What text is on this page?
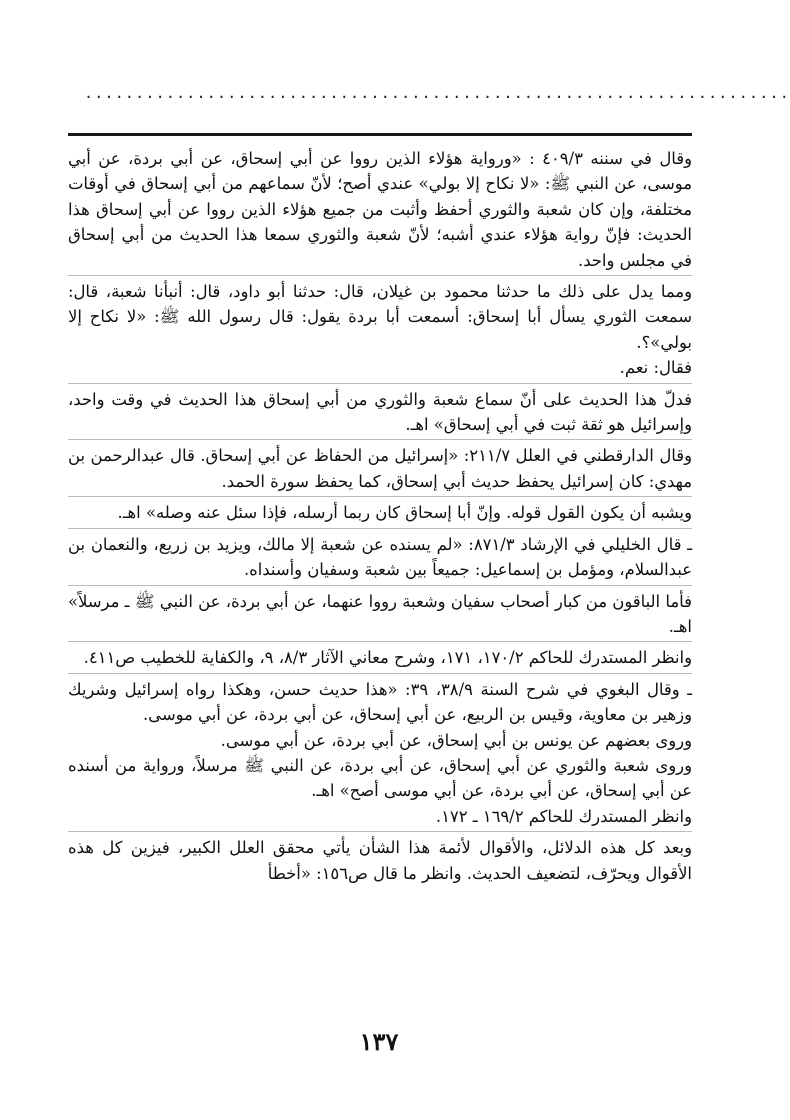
.....................................................................

وقال في سننه ٤٠٩/٣ : «ورواية هؤلاء الذين رووا عن أبي إسحاق، عن أبي بردة، عن أبي موسى، عن النبي ﷺ: «لا نكاح إلا بولي» عندي أصح؛ لأنّ سماعهم من أبي إسحاق في أوقات مختلفة، وإن كان شعبة والثوري أحفظ وأثبت من جميع هؤلاء الذين رووا عن أبي إسحاق هذا الحديث: فإنّ رواية هؤلاء عندي أشبه؛ لأنّ شعبة والثوري سمعا هذا الحديث من أبي إسحاق في مجلس واحد.

ومما يدل على ذلك ما حدثنا محمود بن غيلان، قال: حدثنا أبو داود، قال: أنبأنا شعبة، قال: سمعت الثوري يسأل أبا إسحاق: أسمعت أبا بردة يقول: قال رسول الله ﷺ: «لا نكاح إلا بولي»؟.

فقال: نعم.

فدلّ هذا الحديث على أنّ سماع شعبة والثوري من أبي إسحاق هذا الحديث في وقت واحد، وإسرائيل هو ثقة ثبت في أبي إسحاق» اهـ.

وقال الدارقطني في العلل ٢١١/٧: «إسرائيل من الحفاظ عن أبي إسحاق. قال عبدالرحمن بن مهدي: كان إسرائيل يحفظ حديث أبي إسحاق، كما يحفظ سورة الحمد.

ويشبه أن يكون القول قوله. وإنّ أبا إسحاق كان ربما أرسله، فإذا سئل عنه وصله» اهـ.

ـ قال الخليلي في الإرشاد ٨٧١/٣: «لم يسنده عن شعبة إلا مالك، ويزيد بن زريع، والنعمان بن عبدالسلام، ومؤمل بن إسماعيل: جميعاً بين شعبة وسفيان وأسنداه.

فأما الباقون من كبار أصحاب سفيان وشعبة رووا عنهما، عن أبي بردة، عن النبي ﷺ ـ مرسلاً» اهـ.

وانظر المستدرك للحاكم ١٧٠/٢، ١٧١، وشرح معاني الآثار ٨/٣، ٩، والكفاية للخطيب ص٤١١.

ـ وقال البغوي في شرح السنة ٣٨/٩، ٣٩: «هذا حديث حسن، وهكذا رواه إسرائيل وشريك وزهير بن معاوية، وقيس بن الربيع، عن أبي إسحاق، عن أبي بردة، عن أبي موسى.

وروى بعضهم عن يونس بن أبي إسحاق، عن أبي بردة، عن أبي موسى.

وروى شعبة والثوري عن أبي إسحاق، عن أبي بردة، عن النبي ﷺ مرسلاً، ورواية من أسنده عن أبي إسحاق، عن أبي بردة، عن أبي موسى أصح» اهـ.

وانظر المستدرك للحاكم ١٦٩/٢ ـ ١٧٢.

وبعد كل هذه الدلائل، والأقوال لأئمة هذا الشأن يأتي محقق العلل الكبير، فيزين كل هذه الأقوال ويحرّف، لتضعيف الحديث. وانظر ما قال ص١٥٦: «أخطأ

١٣٧
